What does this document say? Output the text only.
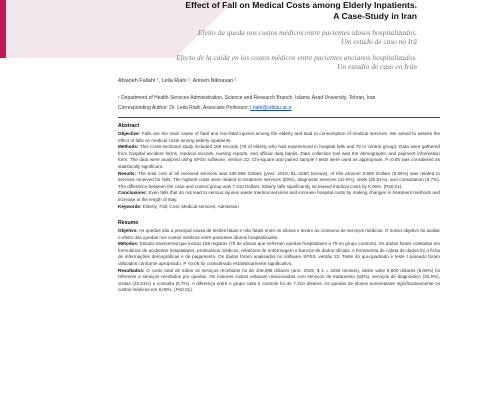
Effect of Fall on Medical Costs among Elderly Inpatients.
A Case-Study in Iran
Efeito da queda nos custos médicos entre pacientes idosos hospitalizados.
Um estudo de caso no Irã
Efecto de la caída en los costos médicos entre pacientes ancianos hospitalizados.
Un estudio de caso en Irán
Afsaneh Fallahi ¹, Leila Riahi ¹, Aniseh Niknavan ¹
¹ Department of Health Services Administration, Science and Research Branch, Islamic Azad University, Tehran, Iran
Corresponding Author: Dr. Leila Riahi, Associate Professor; l.riahi@srbiau.ac.ir
Abstract

Objective: Falls are the main cause of fatal and non-fatal injuries among the elderly and lead to consumption of medical services. We aimed to assess the effect of falls on medical costs among elderly inpatients.

Methods: This cross-sectional study included 158 records (79 of elderly who had experienced in hospital falls and 79 in control group). Data were gathered from hospital accident forms, medical records, nursing reports, and official data banks. Data collection tool was the demographic and payment information form. The data were analyzed using SPSS software, version 22. Chi-square and paired sample t tests were used as appropriate. P=0.05 was considered as statistically significant.

Results: The total cost of all received services was 106.596 Dollars (year: 2019, $1=4250 tomans), of this amount 8.600 Dollars (8.06%) was related to services received for falls. The highest costs were related to treatment services (83%), diagnostic services (32.9%), visits (20.51%), and consultation (6.7%). The difference between the case and control group was 7.310 Dollars. Elderly falls significantly increased medical costs by 8.06%. (P≤0.01).

Conclusions: Even falls that do not lead to serious injuries waste medical services and increase hospital costs by making changes in treatment methods and increase in the length of stay.

Keywords: Elderly; Fall; Cost; Medical services; Admission

Resumo

Objetivo: As quedas são a principal causa de lesões fatais e não fatais entre os idosos e levam ao consumo de serviços médicos. O nosso objetivo foi avaliar o efeito das quedas nos custos médicos entre pacientes idosos hospitalizados.

Métodos: Estudo transversal que incluiu 158 registos (79 de idosos que sofreram quedas hospitalares e 79 no grupo controlo). Os dados foram coletados em formulários de acidentes hospitalares, prontuários médicos, relatórios de enfermagem e bancos de dados oficiais. A ferramenta de coleta de dados foi a ficha de informações demográficas e de pagamento. Os dados foram analisados no software SPSS, versão 22. Teste do qui-quadrado e teste t pareado foram utilizados conforme apropriado. P <0,05 foi considerado estatisticamente significativo.

Resultados: O custo total de todos os serviços recebidos foi de 106,596 dólares (ano: 2019, $ 1 = 4250 tomans), deste valor 8,600 dólares (8,06%) foi referente a serviços recebidos por quedas. Os maiores custos estavam relacionados com serviços de tratamento (83%), serviços de diagnóstico (32,9%), visitas (20,51%) e consulta (6,7%). A diferença entre o grupo caso e controle foi de 7,310 dólares. As quedas de idosos aumentaram significativamente os custos médicos em 8,06%. (P≤0,01).
